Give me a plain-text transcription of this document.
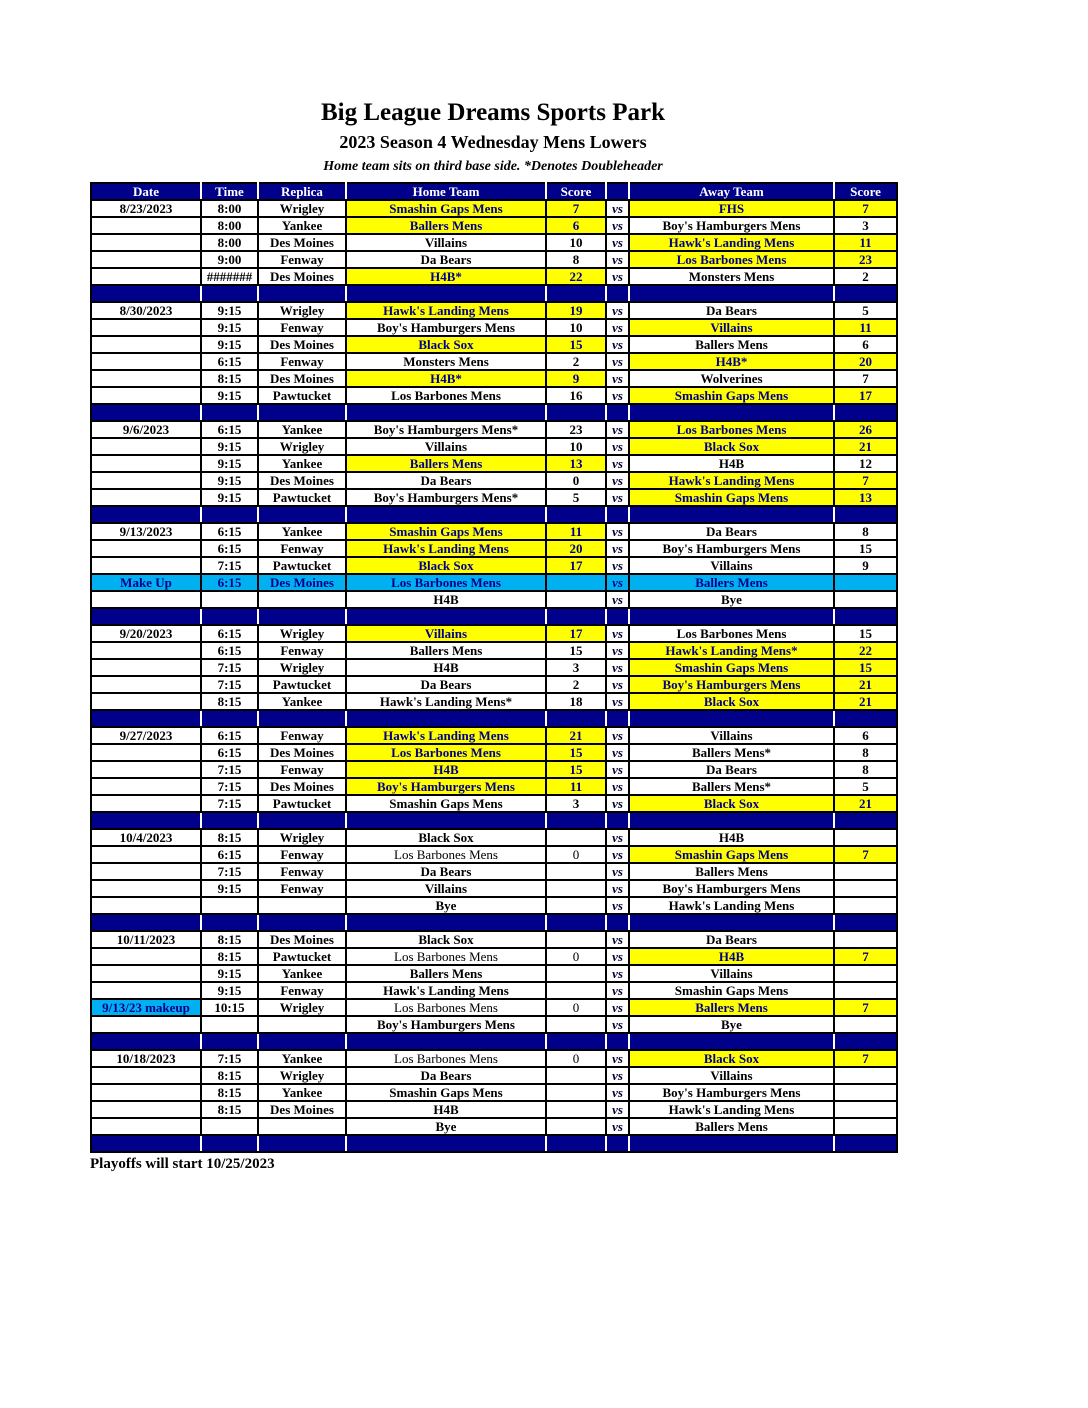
Big League Dreams Sports Park
2023 Season 4 Wednesday Mens Lowers
Home team sits on third base side. *Denotes Doubleheader
Date	Time	Replica	Home Team	Score		Away Team	Score
8/23/2023	8:00	Wrigley	Smashin Gaps Mens	7	vs	FHS	7
	8:00	Yankee	Ballers Mens	6	vs	Boy's Hamburgers Mens	3
	8:00	Des Moines	Villains	10	vs	Hawk's Landing Mens	11
	9:00	Fenway	Da Bears	8	vs	Los Barbones Mens	23
	#######	Des Moines	H4B*	22	vs	Monsters Mens	2

8/30/2023	9:15	Wrigley	Hawk's Landing Mens	19	vs	Da Bears	5
	9:15	Fenway	Boy's Hamburgers Mens	10	vs	Villains	11
	9:15	Des Moines	Black Sox	15	vs	Ballers Mens	6
	6:15	Fenway	Monsters Mens	2	vs	H4B*	20
	8:15	Des Moines	H4B*	9	vs	Wolverines	7
	9:15	Pawtucket	Los Barbones Mens	16	vs	Smashin Gaps Mens	17

9/6/2023	6:15	Yankee	Boy's Hamburgers Mens*	23	vs	Los Barbones Mens	26
	9:15	Wrigley	Villains	10	vs	Black Sox	21
	9:15	Yankee	Ballers Mens	13	vs	H4B	12
	9:15	Des Moines	Da Bears	0	vs	Hawk's Landing Mens	7
	9:15	Pawtucket	Boy's Hamburgers Mens*	5	vs	Smashin Gaps Mens	13

9/13/2023	6:15	Yankee	Smashin Gaps Mens	11	vs	Da Bears	8
	6:15	Fenway	Hawk's Landing Mens	20	vs	Boy's Hamburgers Mens	15
	7:15	Pawtucket	Black Sox	17	vs	Villains	9
Make Up	6:15	Des Moines	Los Barbones Mens		vs	Ballers Mens	
			H4B		vs	Bye	

9/20/2023	6:15	Wrigley	Villains	17	vs	Los Barbones Mens	15
	6:15	Fenway	Ballers Mens	15	vs	Hawk's Landing Mens*	22
	7:15	Wrigley	H4B	3	vs	Smashin Gaps Mens	15
	7:15	Pawtucket	Da Bears	2	vs	Boy's Hamburgers Mens	21
	8:15	Yankee	Hawk's Landing Mens*	18	vs	Black Sox	21

9/27/2023	6:15	Fenway	Hawk's Landing Mens	21	vs	Villains	6
	6:15	Des Moines	Los Barbones Mens	15	vs	Ballers Mens*	8
	7:15	Fenway	H4B	15	vs	Da Bears	8
	7:15	Des Moines	Boy's Hamburgers Mens	11	vs	Ballers Mens*	5
	7:15	Pawtucket	Smashin Gaps Mens	3	vs	Black Sox	21

10/4/2023	8:15	Wrigley	Black Sox		vs	H4B	
	6:15	Fenway	Los Barbones Mens	0	vs	Smashin Gaps Mens	7
	7:15	Fenway	Da Bears		vs	Ballers Mens	
	9:15	Fenway	Villains		vs	Boy's Hamburgers Mens	
			Bye		vs	Hawk's Landing Mens	

10/11/2023	8:15	Des Moines	Black Sox		vs	Da Bears	
	8:15	Pawtucket	Los Barbones Mens	0	vs	H4B	7
	9:15	Yankee	Ballers Mens		vs	Villains	
	9:15	Fenway	Hawk's Landing Mens		vs	Smashin Gaps Mens	
9/13/23 makeup	10:15	Wrigley	Los Barbones Mens	0	vs	Ballers Mens	7
			Boy's Hamburgers Mens		vs	Bye	

10/18/2023	7:15	Yankee	Los Barbones Mens	0	vs	Black Sox	7
	8:15	Wrigley	Da Bears		vs	Villains	
	8:15	Yankee	Smashin Gaps Mens		vs	Boy's Hamburgers Mens	
	8:15	Des Moines	H4B		vs	Hawk's Landing Mens	
			Bye		vs	Ballers Mens	

Playoffs will start 10/25/2023
